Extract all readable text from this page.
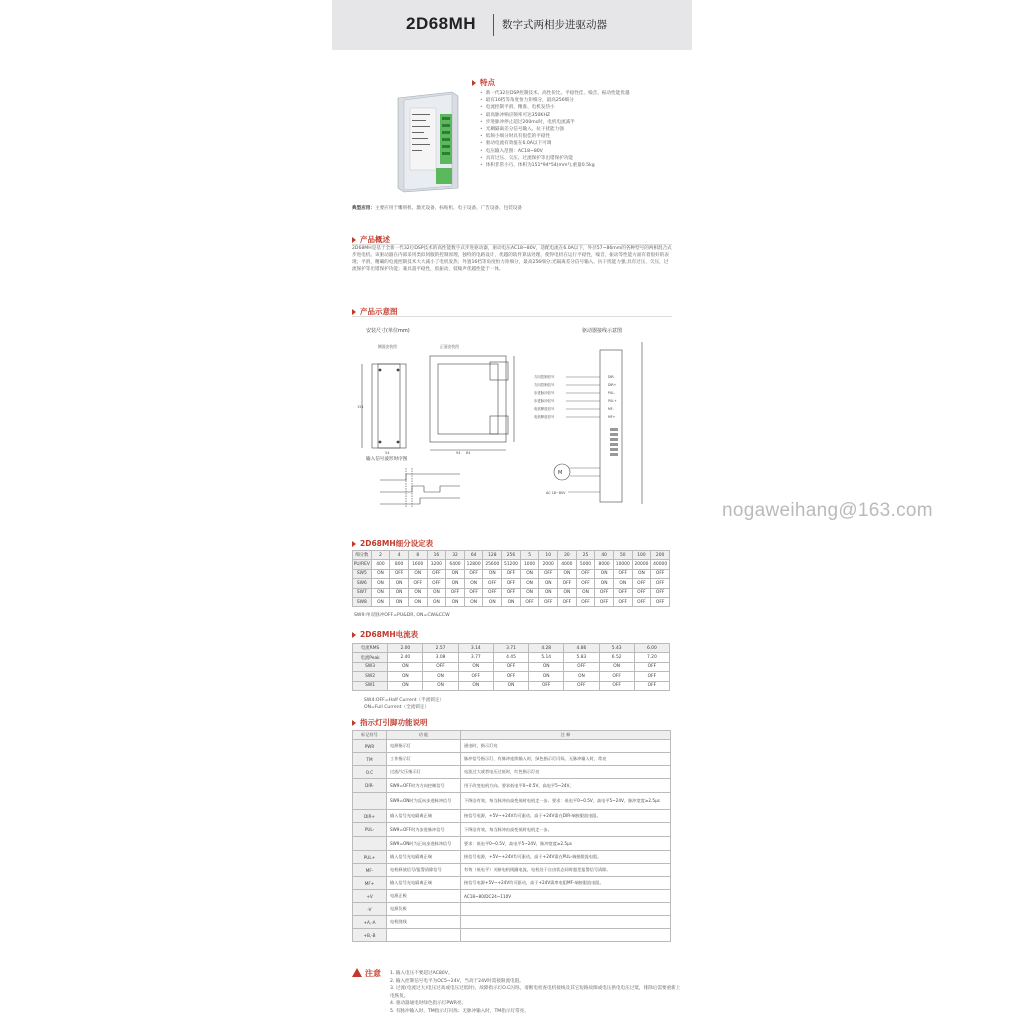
2D68MH 数字式两相步进驱动器
特点
• 新一代32位DSP控制技术、高性价比、平稳性佳、噪音、振动性能优越
• 最有16档等角度恒力矩细分，最高256细分
• 电流控制平滑、精准、电机发热小
• 最高脉冲响应频率可达350KHZ
• 步进脉冲停止超过200ms时，电机电流减半
• 光耦隔离差分信号输入，抗干扰能力强
• 低频小细分时具有很佳的平稳性
• 驱动电流有效值在6.0A以下可调
• 电压输入范围：AC18~80V
• 具有过压、欠压、过流保护等出错保护功能
• 体积非常小巧、体积为151*94*54(mm³),重量0.5kg
典型应用：主要应用于雕刻机、激光设备、标贴机、电子设备、广告设备、包装设备
产品概述
2D68MH是基于全新一代32位DSP技术的高性能数字式步进驱动器，驱动电压AC18~80V，适配电流在6.0A以下，外径57~86mm的各种型号的两相混合式步进电机。该驱动器在内部采用类似伺服的控制原理，独特的电路设计，优越的软件算法处理，使得电机在运行平稳性，噪音，振动等性能方面有着很好的表现；平滑，精确的电流控制技术大大减小了电机发热；外置16档等角度恒力矩细分，最高256细分;光隔离差分信号输入，抗干扰能力强;具有过压，欠压，过流保护等出错保护功能；兼具超平稳性，低振动，低噪声优越性能于一体。
产品示意图
安装尺寸(单位mm)
侧面安装图	正面安装图
94 84
151
54
输入信号波形时序图
驱动器接线示意图
方向控制信号
方向控制信号
步进脉冲信号
步进脉冲信号
电机释放信号
电机释放信号
DIR-
DIR+
PUL-
PUL+
MF-
MF+
M
AC 18~80V
nogaweihang@163.com
2D68MH细分设定表
细分数	2	4	8	16	32	64	128	256	5	10	20	25	40	50	100	200
PU/REV	400	800	1600	3200	6400	12800	25600	51200	1000	2000	4000	5000	8000	10000	20000	40000
SW5	ON	OFF	ON	OFF	ON	OFF	ON	OFF	ON	OFF	ON	OFF	ON	OFF	ON	OFF
SW6	ON	ON	OFF	OFF	ON	ON	OFF	OFF	ON	ON	OFF	OFF	ON	ON	OFF	OFF
SW7	ON	ON	ON	ON	OFF	OFF	OFF	OFF	ON	ON	ON	ON	OFF	OFF	OFF	OFF
SW8	ON	ON	ON	ON	ON	ON	ON	ON	OFF	OFF	OFF	OFF	OFF	OFF	OFF	OFF
SW9:单双脉冲OFF=PU&DR, ON=CW&CCW
2D68MH电流表
电流RMS	2.00	2.57	3.14	3.71	4.28	4.86	5.43	6.00
电流Peak	2.40	3.08	3.77	4.45	5.14	5.83	6.52	7.20
SW3	ON	OFF	ON	OFF	ON	OFF	ON	OFF
SW2	ON	ON	OFF	OFF	ON	ON	OFF	OFF
SW1	ON	ON	ON	ON	OFF	OFF	OFF	OFF
SW4:OFF=Half Current（半流锁定）
ON=Full Current（全流锁定）
指示灯引脚功能说明
标记符号	功 能	注 释
PWR	电源指示灯	通电时，指示灯亮
TM	工作指示灯	脉冲信号指示灯，有脉冲连续输入时，绿色指示灯闪烁，无脉冲输入时，常亮
O.C	过流/欠压指示灯	电流过大或者电压过低时，红色指示灯亮
DIR-	SW9=OFF时为方向控制信号	用于改变电机方向。要求低电平0~0.5V，高电平5~24V。
	SW9=ON时为反向步进脉冲信号	下降沿有效，每当脉冲由高变低时电机走一步。要求：低电平0~0.5V，高电平5~24V，脉冲宽度≥2.5μs
DIR+	输入信号光电隔离正端	接信号电源，+5V~+24V均可驱动，高于+24V需在DIR-端接限流电阻。
PUL-	SW9=OFF时为步进脉冲信号	下降沿有效，每当脉冲由高变低时电机走一步。
	SW9=ON时为正向步进脉冲信号	要求：低电平0~0.5V，高电平5~24V，脉冲宽度≥2.5μs
PUL+	输入信号光电隔离正端	接信号电源，+5V~+24V均可驱动，高于+24V需在PUL-端接限流电阻。
MF-	电机释放信号/报警清除信号	有效（低电平）关断电机线圈电流，电机处于自由状态同时超差报警信号清除。
MF+	输入信号光电隔离正端	接信号电源+5V~+24V均可驱动，高于+24V需串电阻MF-端接限流电阻。
+V	电源正极	AC18~80/DC24~110V
-V	电源负极	
+A,-A	电机绕线	
+B,-B		
注意 1. 输入电压不要超过AC80V。
2. 输入控制信号电平为OC5~24V，当高于24V时需接限流电阻。
3. 过流(电流过大)电压过高或电压过低时)，故障指示灯O.C闪烁，请断电检查电机接线及其它短路故障或电压供电电压过低，排除后需要重新上电恢复。
4. 驱动器通电时绿色指示灯PWR亮。
5. 有脉冲输入时，TM指示灯闪烁；无脉冲输入时，TM指示灯常亮。
